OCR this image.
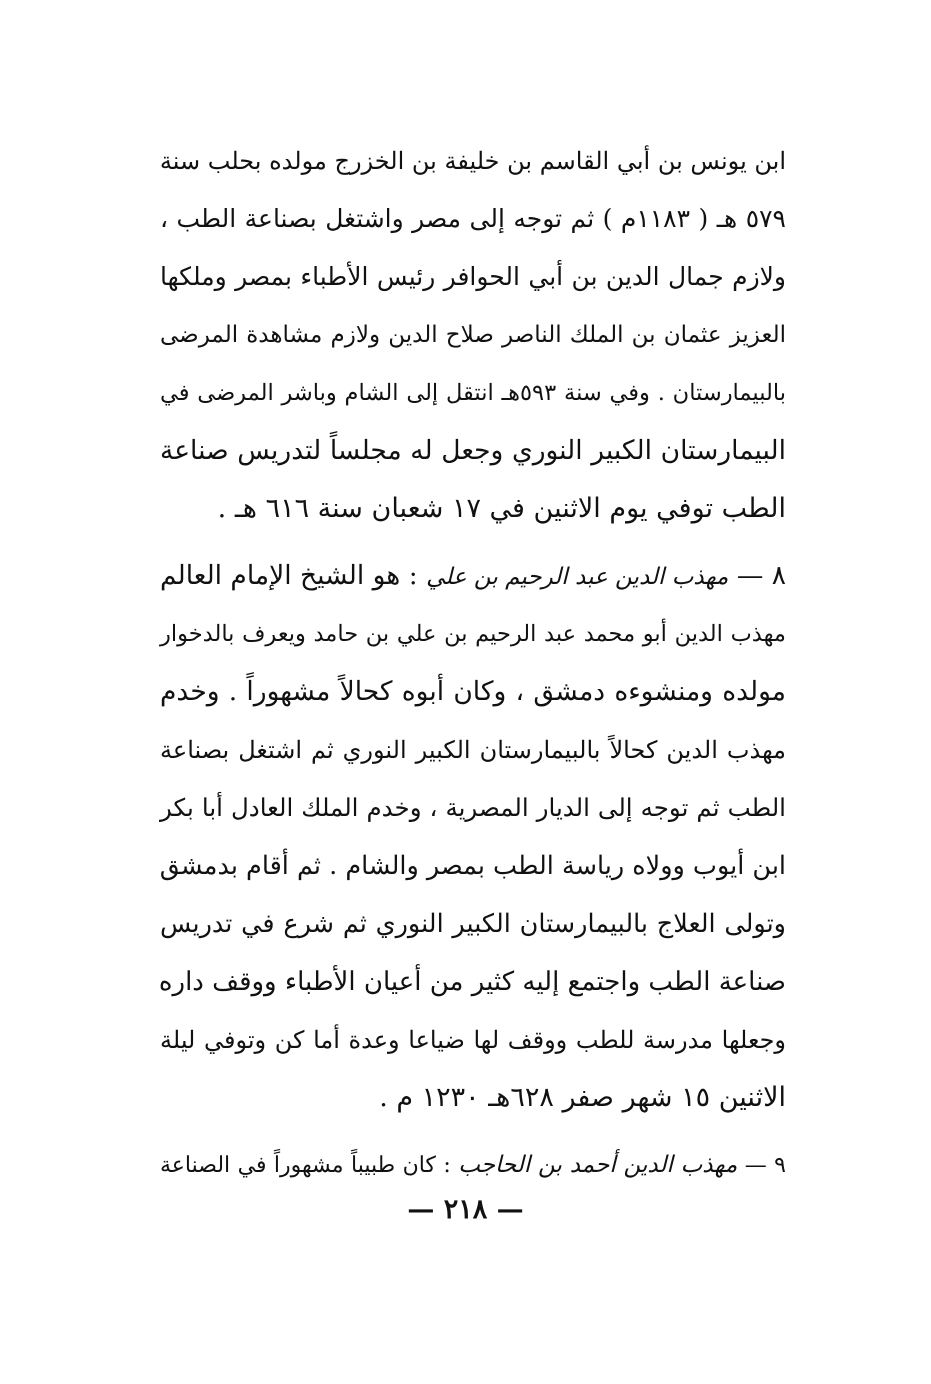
ابن يونس بن أبي القاسم بن خليفة بن الخزرج مولده بحلب سنة
٥٧٩ هـ ( ١١٨٣م ) ثم توجه إلى مصر واشتغل بصناعة الطب ،
ولازم جمال الدين بن أبي الحوافر رئيس الأطباء بمصر وملكها
العزيز عثمان بن الملك الناصر صلاح الدين ولازم مشاهدة المرضى
بالبيمارستان . وفي سنة ٥٩٣هـ انتقل إلى الشام وباشر المرضى في
البيمارستان الكبير النوري وجعل له مجلساً لتدريس صناعة
الطب توفي يوم الاثنين في ١٧ شعبان سنة ٦١٦ هـ .
٨ — مهذب الدين عبد الرحيم بن علي : هو الشيخ الإمام العالم
مهذب الدين أبو محمد عبد الرحيم بن علي بن حامد ويعرف بالدخوار
مولده ومنشوءه دمشق ، وكان أبوه كحالاً مشهوراً . وخدم
مهذب الدين كحالاً بالبيمارستان الكبير النوري ثم اشتغل بصناعة
الطب ثم توجه إلى الديار المصرية ، وخدم الملك العادل أبا بكر
ابن أيوب وولاه رياسة الطب بمصر والشام . ثم أقام بدمشق
وتولى العلاج بالبيمارستان الكبير النوري ثم شرع في تدريس
صناعة الطب واجتمع إليه كثير من أعيان الأطباء ووقف داره
وجعلها مدرسة للطب ووقف لها ضياعا وعدة أما كن وتوفي ليلة
الاثنين ١٥ شهر صفر ٦٢٨هـ ١٢٣٠ م .
٩ — مهذب الدين أحمد بن الحاجب : كان طبيباً مشهوراً في الصناعة
— ٢١٨ —
